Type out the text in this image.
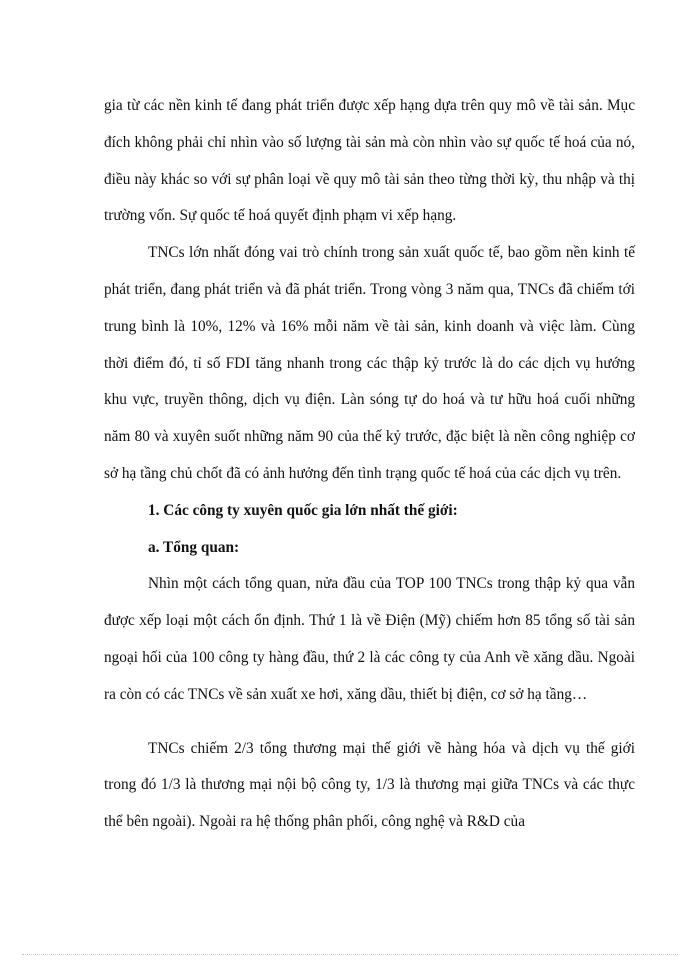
gia từ các nền kinh tế đang phát triển được xếp hạng dựa trên quy mô về tài sản. Mục đích không phải chỉ nhìn vào số lượng tài sản mà còn nhìn vào sự quốc tế hoá của nó, điều này khác so với sự phân loại về quy mô tài sản theo từng thời kỳ, thu nhập và thị trường vốn. Sự quốc tế hoá quyết định phạm vi xếp hạng.

TNCs lớn nhất đóng vai trò chính trong sản xuất quốc tế, bao gồm nền kinh tế phát triển, đang phát triển và đã phát triển. Trong vòng 3 năm qua, TNCs đã chiếm tới trung bình là 10%, 12% và 16% mỗi năm về tài sản, kinh doanh và việc làm. Cùng thời điểm đó, tỉ số FDI tăng nhanh trong các thập kỷ trước là do các dịch vụ hướng khu vực, truyền thông, dịch vụ điện. Làn sóng tự do hoá và tư hữu hoá cuối những năm 80 và xuyên suốt những năm 90 của thế kỷ trước, đặc biệt là nền công nghiệp cơ sở hạ tầng chủ chốt đã có ảnh hưởng đến tình trạng quốc tế hoá của các dịch vụ trên.

1. Các công ty xuyên quốc gia lớn nhất thế giới:

a. Tổng quan:

Nhìn một cách tổng quan, nửa đầu của TOP 100 TNCs trong thập kỷ qua vẫn được xếp loại một cách ổn định. Thứ 1 là về Điện (Mỹ) chiếm hơn 85 tổng số tài sản ngoại hối của 100 công ty hàng đầu, thứ 2 là các công ty của Anh về xăng dầu. Ngoài ra còn có các TNCs về sản xuất xe hơi, xăng dầu, thiết bị điện, cơ sở hạ tầng…

TNCs chiếm 2/3 tổng thương mại thế giới về hàng hóa và dịch vụ thế giới trong đó 1/3 là thương mại nội bộ công ty, 1/3 là thương mại giữa TNCs và các thực thể bên ngoài). Ngoài ra hệ thống phân phối, công nghệ và R&D của
